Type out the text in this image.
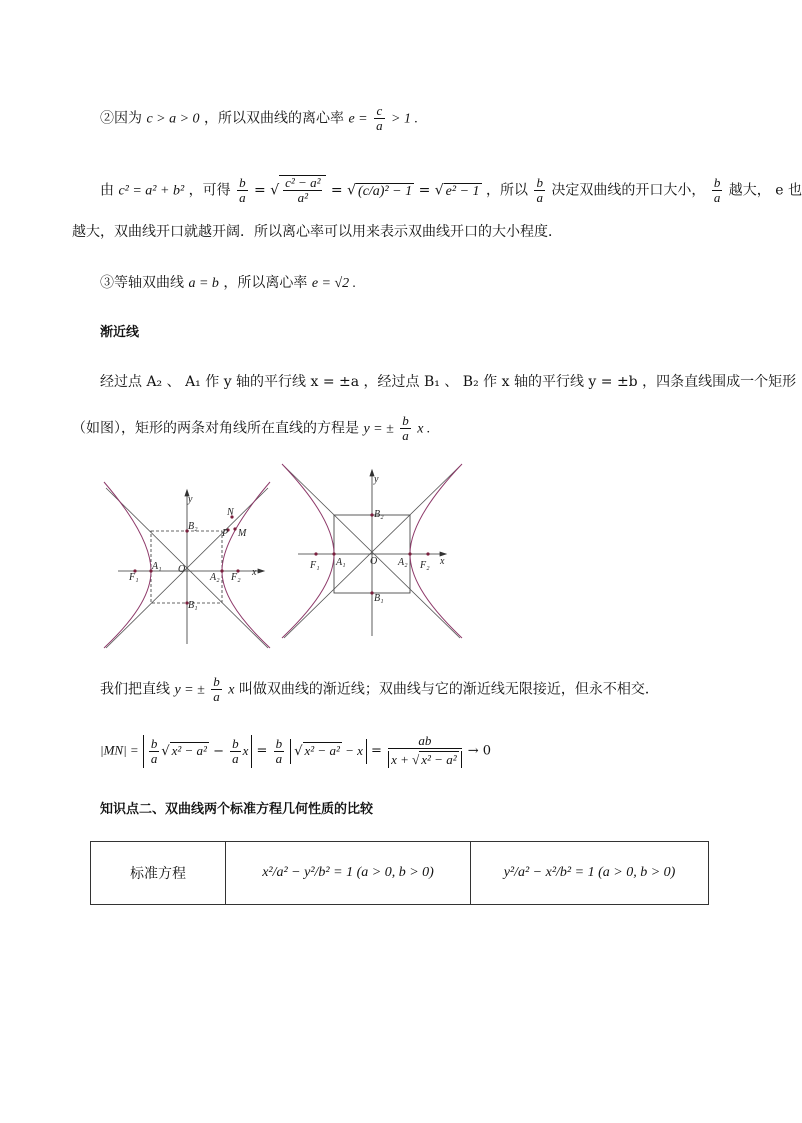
②因为 c > a > 0 ，所以双曲线的离心率 $e = \frac{c}{a} > 1$ .
由 c² = a² + b² ，可得 $\frac{b}{a}$ = √ $\frac{\text{c² − a²}}{\text{a²}}$ = √ (c/a)² − 1 = √ e² − 1 ，所以 $\frac{b}{a}$ 决定双曲线的开口大小， $\frac{b}{a}$ 越大， e 也
越大，双曲线开口就越开阔．所以离心率可以用来表示双曲线开口的大小程度．
③等轴双曲线 a = b ，所以离心率 e = √2 .
渐近线
经过点 A₂ 、 A₁ 作 y 轴的平行线 x = ±a ，经过点 B₁ 、 B₂ 作 x 轴的平行线 y = ±b ，四条直线围成一个矩形
（如图），矩形的两条对角线所在直线的方程是 y = ± $\frac{b}{a}$ x .
y
x
O
F₁
A₁
A₂ F₂
B₂
B₁
N
P M
y
x
O
F₁ A₁	A₂ F₂
B₂
B₁
我们把直线 y = ± $\frac{b}{a}$ x 叫做双曲线的渐近线；双曲线与它的渐近线无限接近，但永不相交．
$|MN| = \frac{b}{a}$ √ $x^2 - a^2 - \frac{b}{a}$ $x = \frac{b}{a}$ √ $x^2 - a^2 - x = \frac{ab}{\text{x + √ x² − a²}} \to 0$
知识点二、双曲线两个标准方程几何性质的比较
标准方程	x²/a² − y²/b² = 1 (a > 0, b > 0)	y²/a² − x²/b² = 1 (a > 0, b > 0)
